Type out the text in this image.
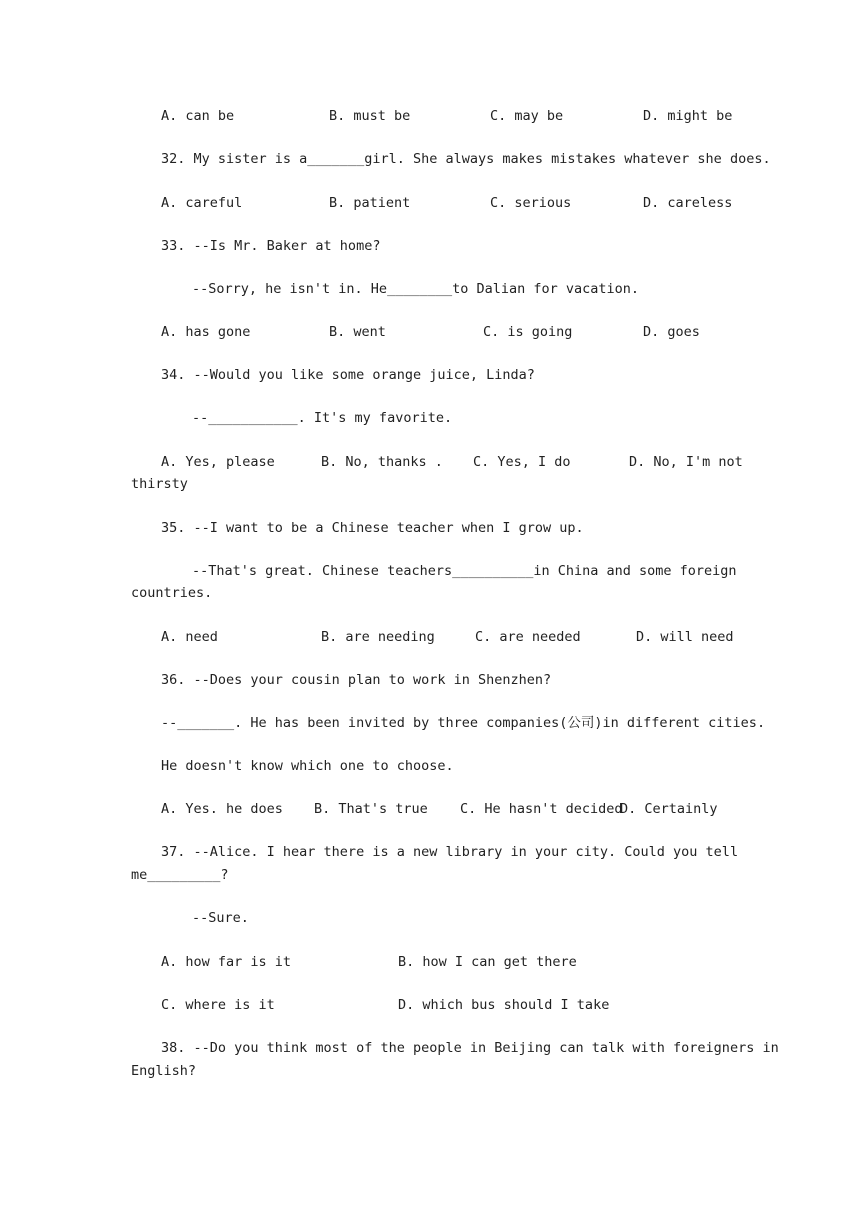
A. can be	B. must be	C. may be	D. might be
32. My sister is a_______girl. She always makes mistakes whatever she does.
A. careful	B. patient	C. serious	D. careless
33. --Is Mr. Baker at home?
--Sorry, he isn't in. He________to Dalian for vacation.
A. has gone	B. went	C. is going	D. goes
34. --Would you like some orange juice, Linda?
--___________. It's my favorite.
A. Yes, please	B. No, thanks . C. Yes, I do	D. No, I'm not
thirsty
35. --I want to be a Chinese teacher when I grow up.
--That's great. Chinese teachers__________in China and some foreign
countries.
A. need	B. are needing	C. are needed	D. will need
36. --Does your cousin plan to work in Shenzhen?
--_______. He has been invited by three companies(公司)in different cities.
He doesn't know which one to choose.
A. Yes. he does B. That's true C. He hasn't decided
D. Certainly
37. --Alice. I hear there is a new library in your city. Could you tell
me_________?
--Sure.
A. how far is it	B. how I can get there
C. where is it	D. which bus should I take
38. --Do you think most of the people in Beijing can talk with foreigners in
English?
